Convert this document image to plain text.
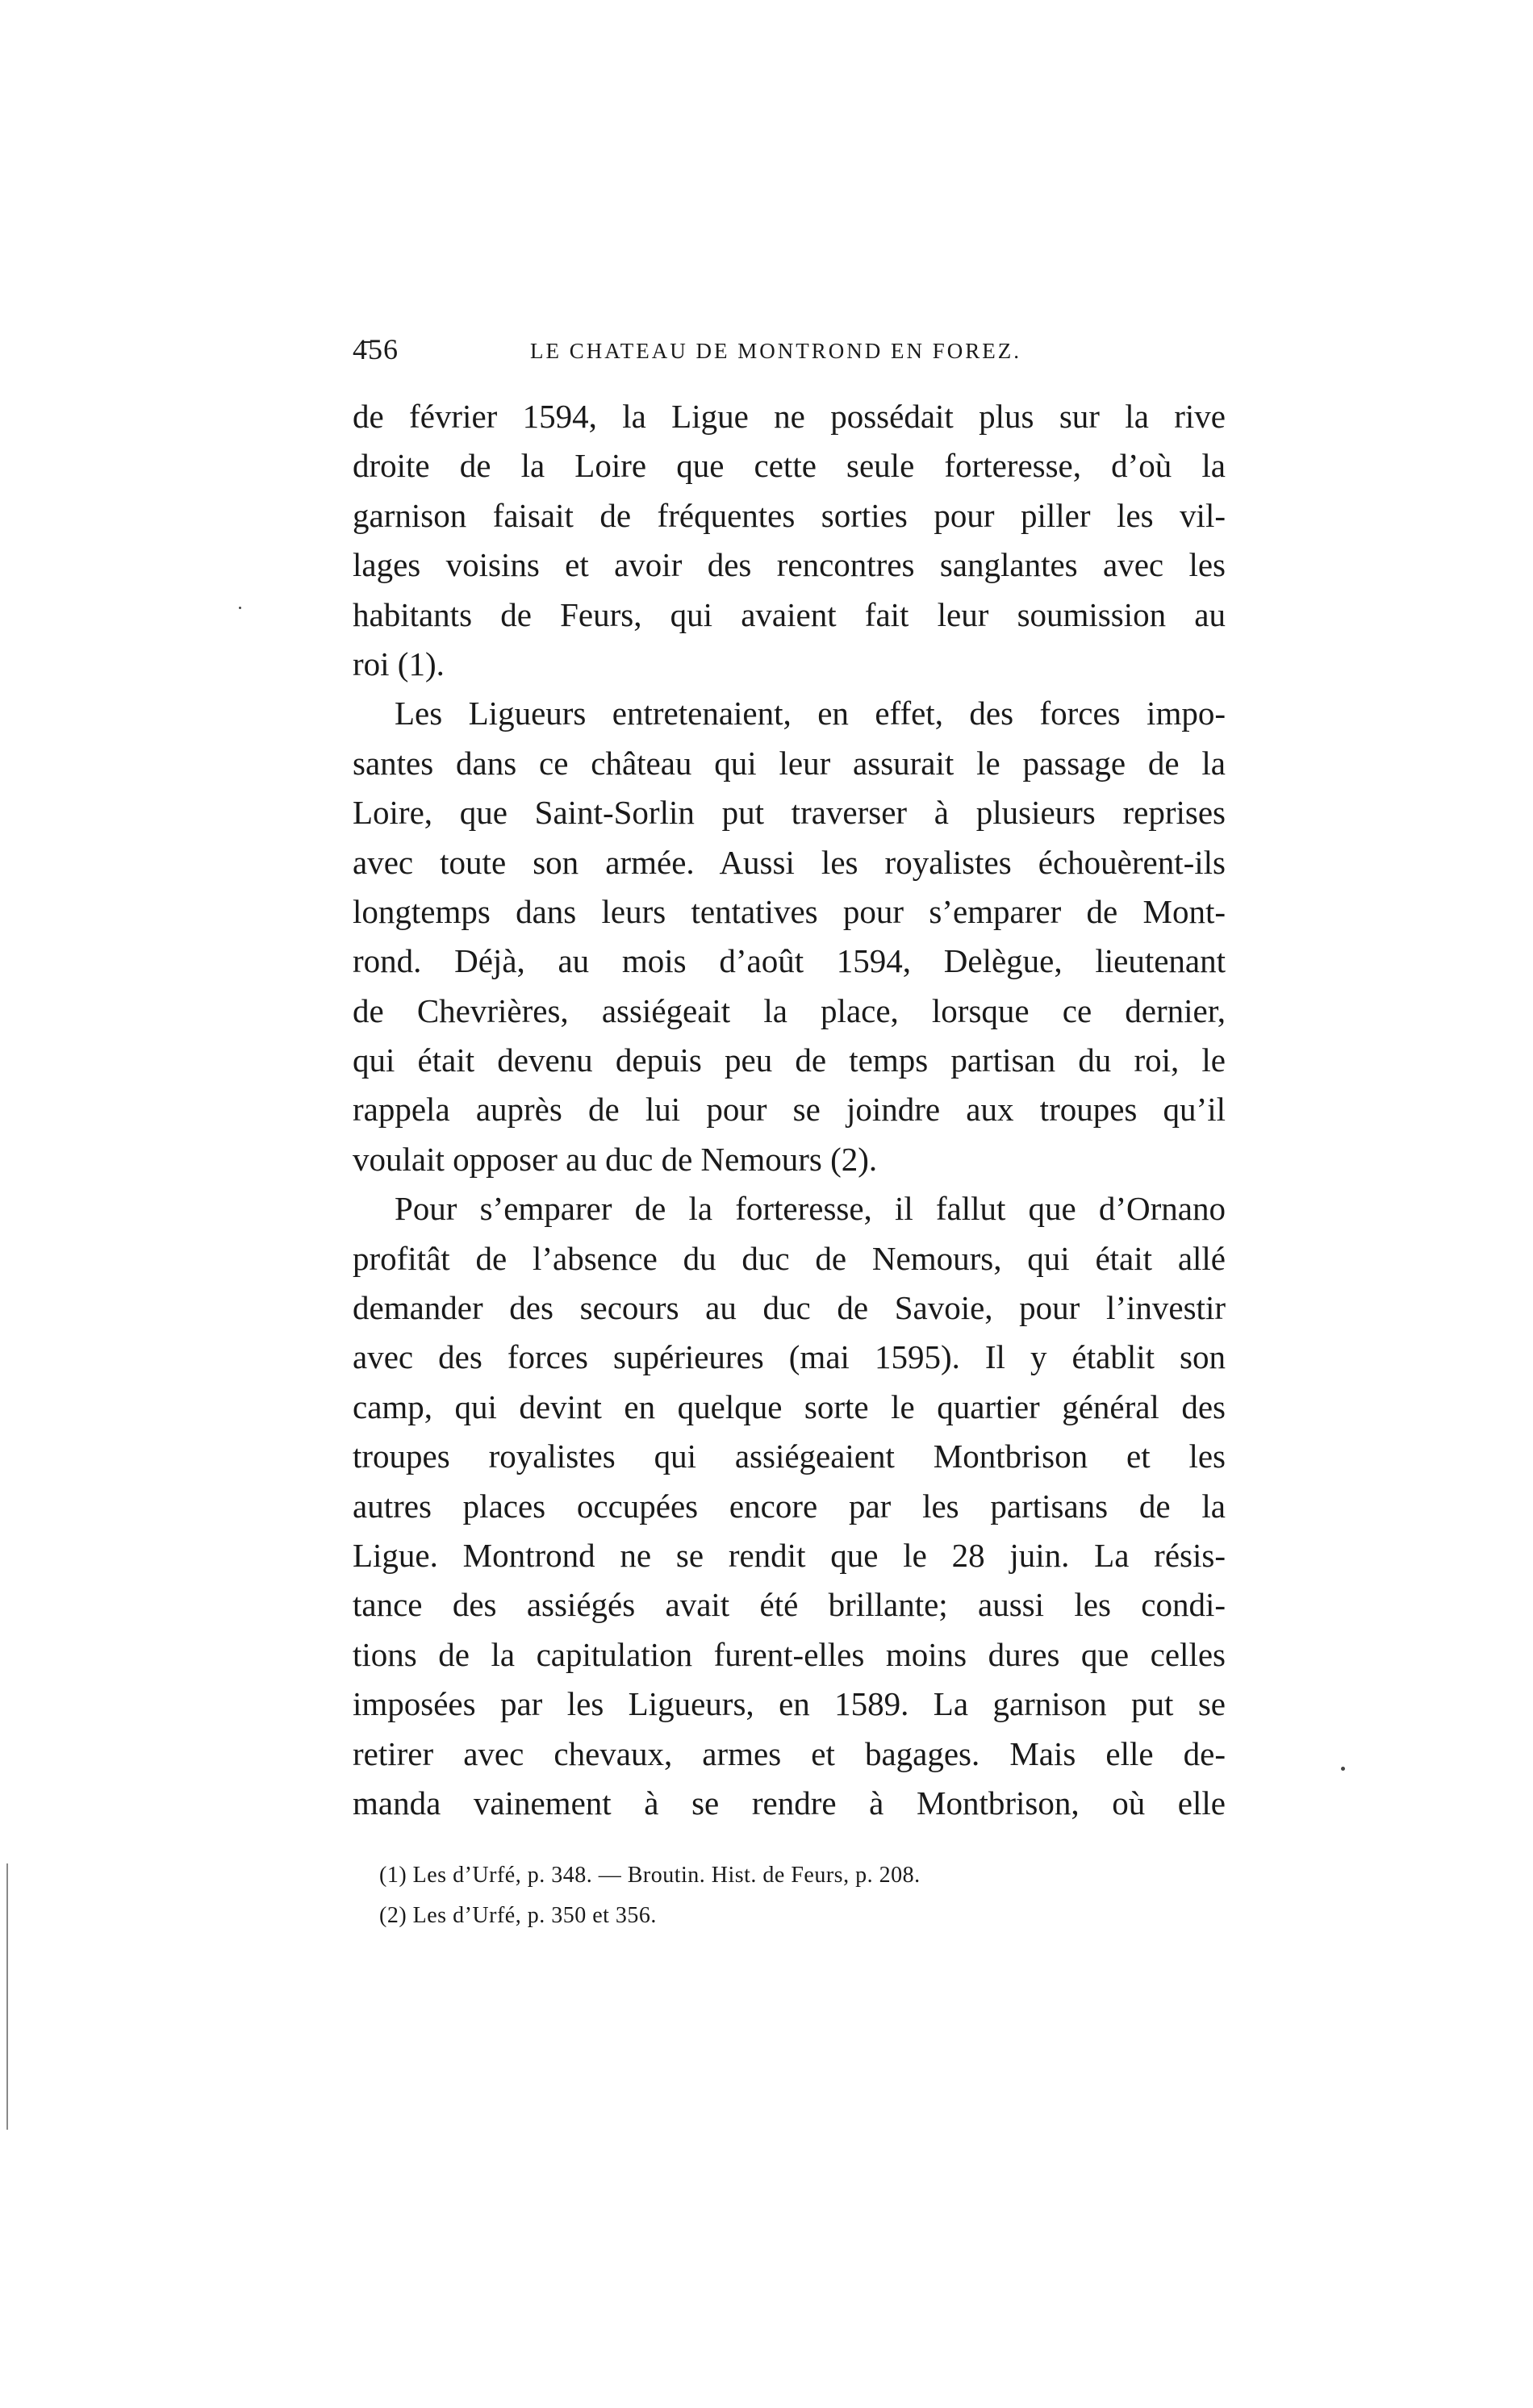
4̄56	LE CHATEAU DE MONTROND EN FOREZ.
de février 1594, la Ligue ne possédait plus sur la rive
droite de la Loire que cette seule forteresse, d’où la
garnison faisait de fréquentes sorties pour piller les vil-
lages voisins et avoir des rencontres sanglantes avec les
habitants de Feurs, qui avaient fait leur soumission au
roi (1).
Les Ligueurs entretenaient, en effet, des forces impo-
santes dans ce château qui leur assurait le passage de la
Loire, que Saint-Sorlin put traverser à plusieurs reprises
avec toute son armée. Aussi les royalistes échouèrent-ils
longtemps dans leurs tentatives pour s’emparer de Mont-
rond. Déjà, au mois d’août 1594, Delègue, lieutenant
de Chevrières, assiégeait la place, lorsque ce dernier,
qui était devenu depuis peu de temps partisan du roi, le
rappela auprès de lui pour se joindre aux troupes qu’il
voulait opposer au duc de Nemours (2).
Pour s’emparer de la forteresse, il fallut que d’Ornano
profitât de l’absence du duc de Nemours, qui était allé
demander des secours au duc de Savoie, pour l’investir
avec des forces supérieures (mai 1595). Il y établit son
camp, qui devint en quelque sorte le quartier général des
troupes royalistes qui assiégeaient Montbrison et les
autres places occupées encore par les partisans de la
Ligue. Montrond ne se rendit que le 28 juin. La résis-
tance des assiégés avait été brillante; aussi les condi-
tions de la capitulation furent-elles moins dures que celles
imposées par les Ligueurs, en 1589. La garnison put se
retirer avec chevaux, armes et bagages. Mais elle de-
manda vainement à se rendre à Montbrison, où elle
(1) Les d’Urfé, p. 348. — Broutin. Hist. de Feurs, p. 208.
(2) Les d’Urfé, p. 350 et 356.
